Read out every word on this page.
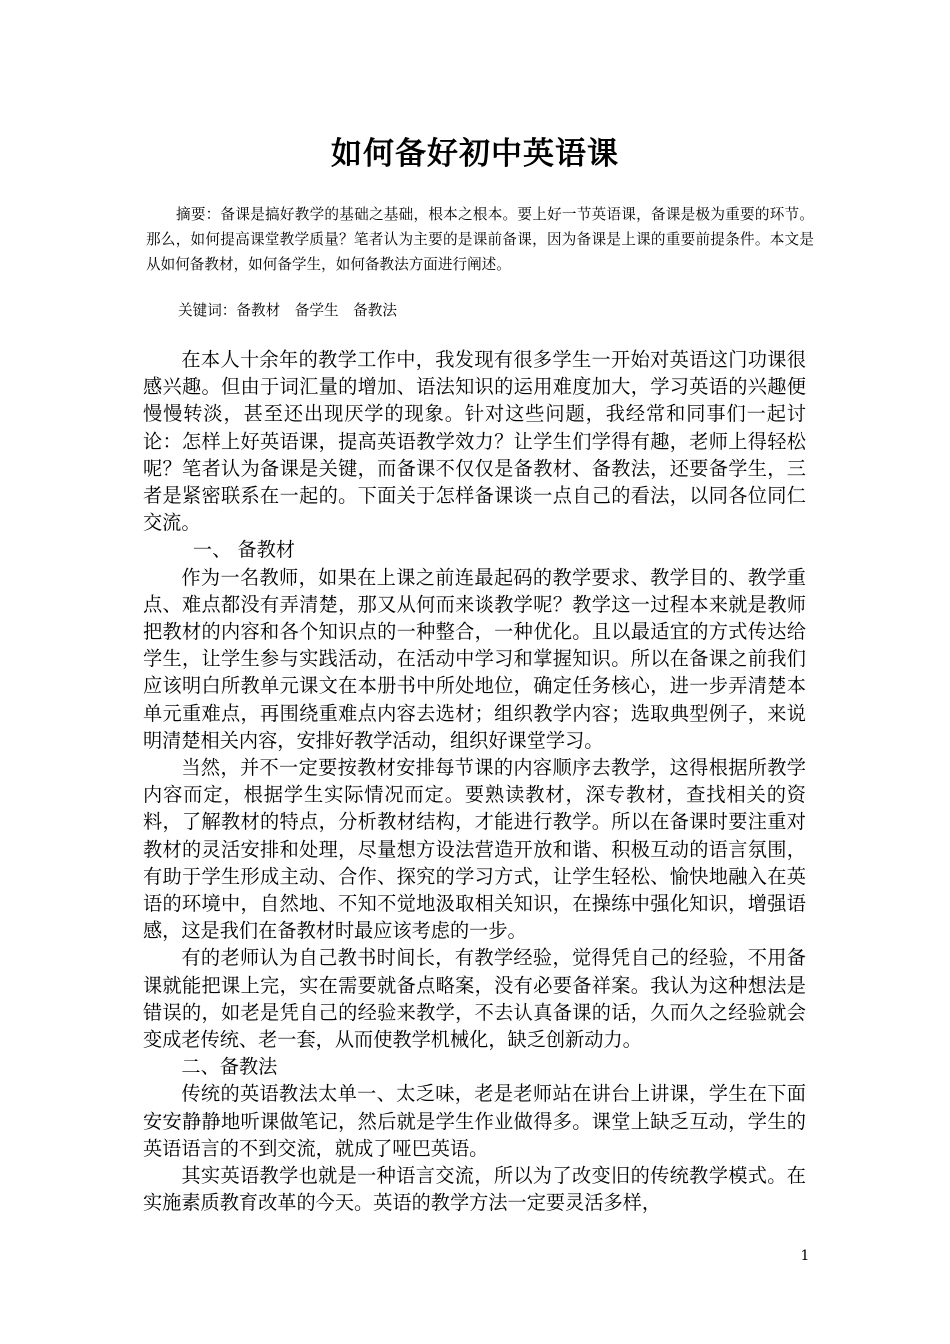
如何备好初中英语课

摘要：备课是搞好教学的基础之基础，根本之根本。要上好一节英语课，备课是极为重要的环节。那么，如何提高课堂教学质量？笔者认为主要的是课前备课，因为备课是上课的重要前提条件。本文是从如何备教材，如何备学生，如何备教法方面进行阐述。

关键词：备教材　备学生　备教法

在本人十余年的教学工作中，我发现有很多学生一开始对英语这门功课很感兴趣。但由于词汇量的增加、语法知识的运用难度加大，学习英语的兴趣便慢慢转淡，甚至还出现厌学的现象。针对这些问题，我经常和同事们一起讨论：怎样上好英语课，提高英语教学效力？让学生们学得有趣，老师上得轻松呢？笔者认为备课是关键，而备课不仅仅是备教材、备教法，还要备学生，三者是紧密联系在一起的。下面关于怎样备课谈一点自己的看法，以同各位同仁交流。

一、 备教材

作为一名教师，如果在上课之前连最起码的教学要求、教学目的、教学重点、难点都没有弄清楚，那又从何而来谈教学呢？教学这一过程本来就是教师把教材的内容和各个知识点的一种整合，一种优化。且以最适宜的方式传达给学生，让学生参与实践活动，在活动中学习和掌握知识。所以在备课之前我们应该明白所教单元课文在本册书中所处地位，确定任务核心，进一步弄清楚本单元重难点，再围绕重难点内容去选材；组织教学内容；选取典型例子，来说明清楚相关内容，安排好教学活动，组织好课堂学习。

当然，并不一定要按教材安排每节课的内容顺序去教学，这得根据所教学内容而定，根据学生实际情况而定。要熟读教材，深专教材，查找相关的资料，了解教材的特点，分析教材结构，才能进行教学。所以在备课时要注重对教材的灵活安排和处理，尽量想方设法营造开放和谐、积极互动的语言氛围，有助于学生形成主动、合作、探究的学习方式，让学生轻松、愉快地融入在英语的环境中，自然地、不知不觉地汲取相关知识，在操练中强化知识，增强语感，这是我们在备教材时最应该考虑的一步。

有的老师认为自己教书时间长，有教学经验，觉得凭自己的经验，不用备课就能把课上完，实在需要就备点略案，没有必要备祥案。我认为这种想法是错误的，如老是凭自己的经验来教学，不去认真备课的话，久而久之经验就会变成老传统、老一套，从而使教学机械化，缺乏创新动力。

二、备教法

传统的英语教法太单一、太乏味，老是老师站在讲台上讲课，学生在下面安安静静地听课做笔记，然后就是学生作业做得多。课堂上缺乏互动，学生的英语语言的不到交流，就成了哑巴英语。

其实英语教学也就是一种语言交流，所以为了改变旧的传统教学模式。在实施素质教育改革的今天。英语的教学方法一定要灵活多样，

1
